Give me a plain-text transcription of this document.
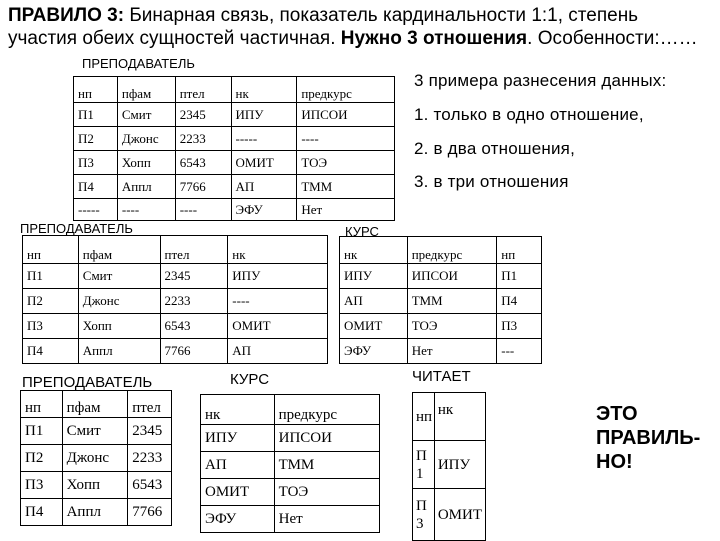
ПРАВИЛО 3: Бинарная связь, показатель кардинальности 1:1, степень участия обеих сущностей частичная. Нужно 3 отношения. Особенности:……
3 примера разнесения данных:
1. только в одно отношение,
2. в два отношения,
3. в три отношения
ПРЕПОДАВАТЕЛЬ
нп	пфам	птел	нк	предкурс
П1	Смит	2345	ИПУ	ИПСОИ
П2	Джонс	2233	-----	----
П3	Хопп	6543	ОМИТ	ТОЭ
П4	Аппл	7766	АП	ТММ
-----	----	----	ЭФУ	Нет
ПРЕПОДАВАТЕЛЬ
нп	пфам	птел	нк
П1	Смит	2345	ИПУ
П2	Джонс	2233	----
П3	Хопп	6543	ОМИТ
П4	Аппл	7766	АП
КУРС
нк	предкурс	нп
ИПУ	ИПСОИ	П1
АП	ТММ	П4
ОМИТ	ТОЭ	П3
ЭФУ	Нет	---
ПРЕПОДАВАТЕЛЬ
нп	пфам	птел
П1	Смит	2345
П2	Джонс	2233
П3	Хопп	6543
П4	Аппл	7766
КУРС
нк	предкурс
ИПУ	ИПСОИ
АП	ТММ
ОМИТ	ТОЭ
ЭФУ	Нет
ЧИТАЕТ
нп	нк
П1	ИПУ
П3	ОМИТ
ЭТО ПРАВИЛЬ-НО!
